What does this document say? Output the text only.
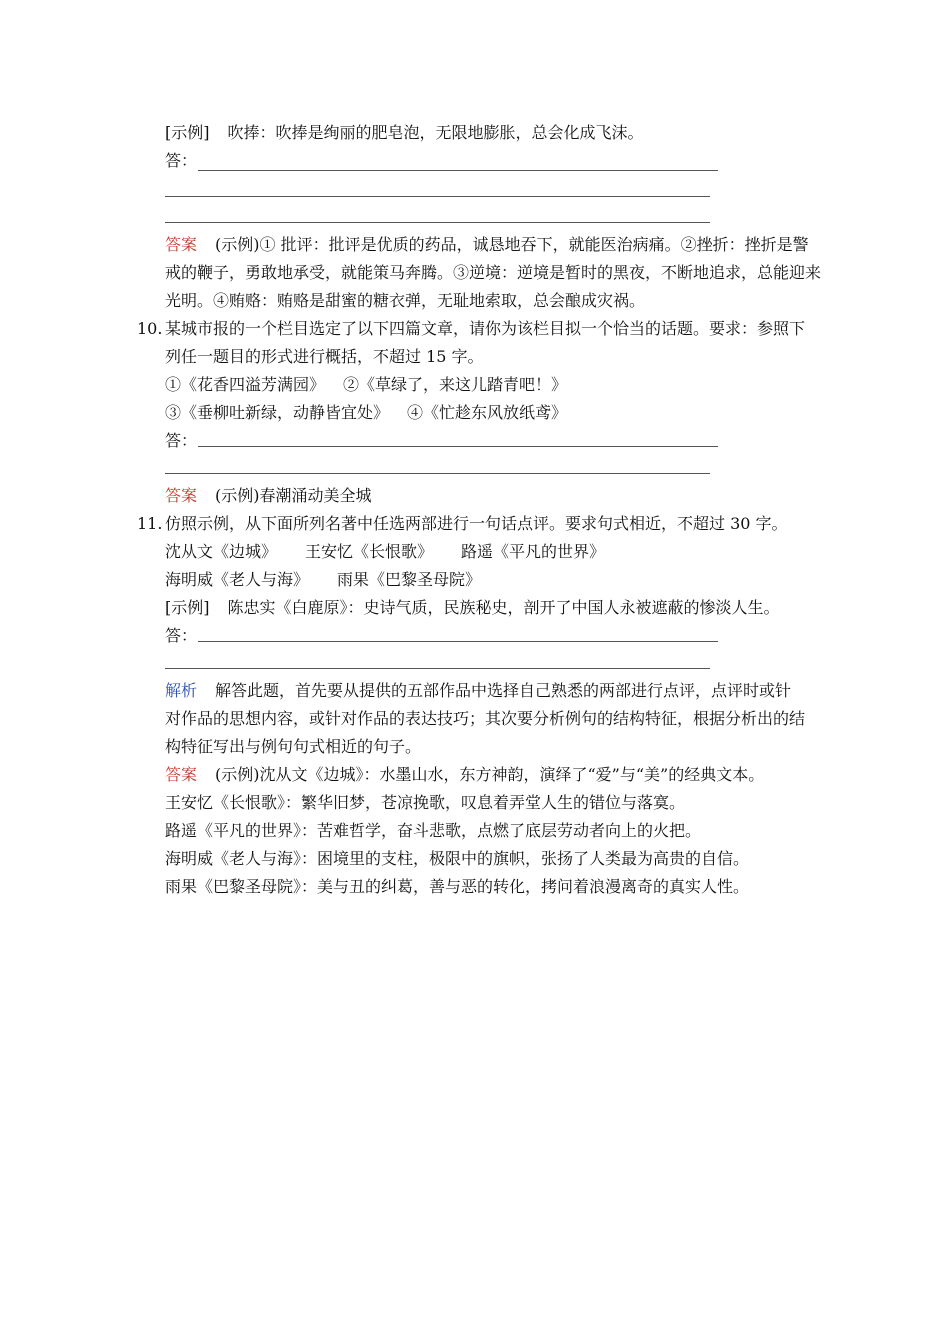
[示例] 吹捧：吹捧是绚丽的肥皂泡，无限地膨胀，总会化成飞沫。
答：
答案 (示例)① 批评：批评是优质的药品，诚恳地吞下，就能医治病痛。②挫折：挫折是警
戒的鞭子，勇敢地承受，就能策马奔腾。③逆境：逆境是暂时的黑夜，不断地追求，总能迎来
光明。④贿赂：贿赂是甜蜜的糖衣弹，无耻地索取，总会酿成灾祸。
10. 某城市报的一个栏目选定了以下四篇文章，请你为该栏目拟一个恰当的话题。要求：参照下
列任一题目的形式进行概括，不超过 15 字。
①《花香四溢芳满园》 ②《草绿了，来这儿踏青吧！》
③《垂柳吐新绿，动静皆宜处》 ④《忙趁东风放纸鸢》
答：
答案 (示例)春潮涌动美全城
11. 仿照示例，从下面所列名著中任选两部进行一句话点评。要求句式相近，不超过 30 字。
沈从文《边城》 王安忆《长恨歌》 路遥《平凡的世界》
海明威《老人与海》 雨果《巴黎圣母院》
[示例] 陈忠实《白鹿原》：史诗气质，民族秘史，剖开了中国人永被遮蔽的惨淡人生。
答：
解析 解答此题，首先要从提供的五部作品中选择自己熟悉的两部进行点评，点评时或针
对作品的思想内容，或针对作品的表达技巧；其次要分析例句的结构特征，根据分析出的结
构特征写出与例句句式相近的句子。
答案 (示例)沈从文《边城》：水墨山水，东方神韵，演绎了“爱”与“美”的经典文本。
王安忆《长恨歌》：繁华旧梦，苍凉挽歌，叹息着弄堂人生的错位与落寞。
路遥《平凡的世界》：苦难哲学，奋斗悲歌，点燃了底层劳动者向上的火把。
海明威《老人与海》：困境里的支柱，极限中的旗帜，张扬了人类最为高贵的自信。
雨果《巴黎圣母院》：美与丑的纠葛，善与恶的转化，拷问着浪漫离奇的真实人性。
